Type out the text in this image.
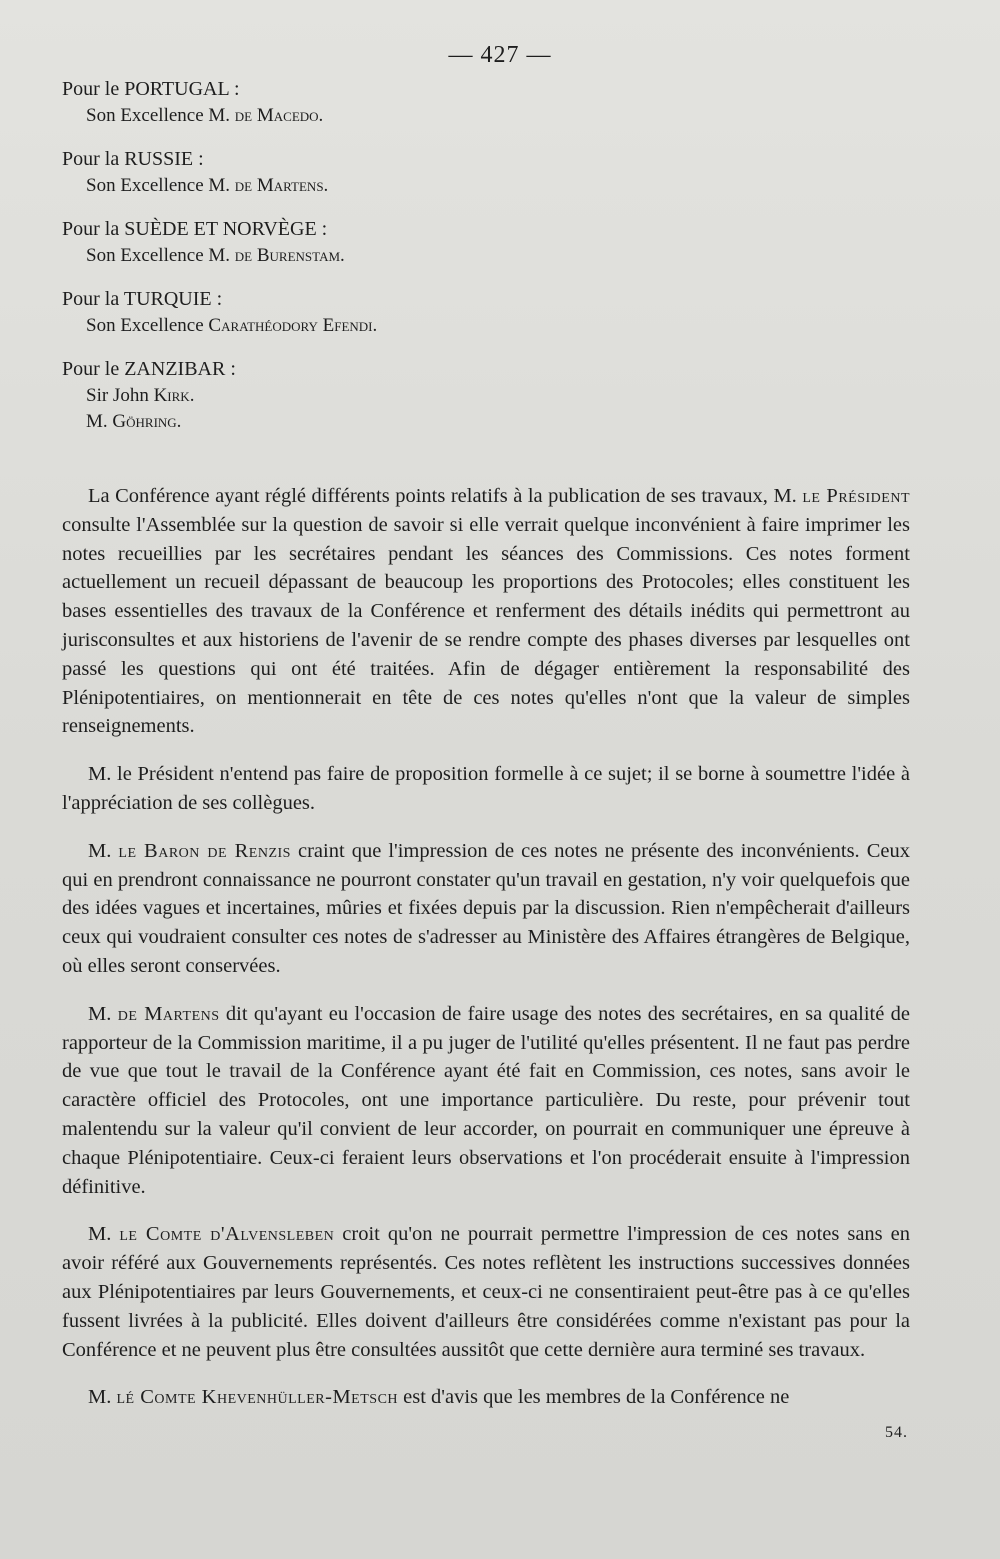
— 427 —
Pour le PORTUGAL :
Son Excellence M. de Macedo.
Pour la RUSSIE :
Son Excellence M. de Martens.
Pour la SUÈDE ET NORVÈGE :
Son Excellence M. de Burenstam.
Pour la TURQUIE :
Son Excellence Carathéodory Efendi.
Pour le ZANZIBAR :
Sir John Kirk.
M. Göhring.

La Conférence ayant réglé différents points relatifs à la publication de ses travaux, M. le Président consulte l'Assemblée sur la question de savoir si elle verrait quelque inconvénient à faire imprimer les notes recueillies par les secrétaires pendant les séances des Commissions. Ces notes forment actuellement un recueil dépassant de beaucoup les proportions des Protocoles; elles constituent les bases essentielles des travaux de la Conférence et renferment des détails inédits qui permettront au jurisconsultes et aux historiens de l'avenir de se rendre compte des phases diverses par lesquelles ont passé les questions qui ont été traitées. Afin de dégager entièrement la responsabilité des Plénipotentiaires, on mentionnerait en tête de ces notes qu'elles n'ont que la valeur de simples renseignements.

M. le Président n'entend pas faire de proposition formelle à ce sujet; il se borne à soumettre l'idée à l'appréciation de ses collègues.

M. le Baron de Renzis craint que l'impression de ces notes ne présente des inconvénients. Ceux qui en prendront connaissance ne pourront constater qu'un travail en gestation, n'y voir quelquefois que des idées vagues et incertaines, mûries et fixées depuis par la discussion. Rien n'empêcherait d'ailleurs ceux qui voudraient consulter ces notes de s'adresser au Ministère des Affaires étrangères de Belgique, où elles seront conservées.

M. de Martens dit qu'ayant eu l'occasion de faire usage des notes des secrétaires, en sa qualité de rapporteur de la Commission maritime, il a pu juger de l'utilité qu'elles présentent. Il ne faut pas perdre de vue que tout le travail de la Conférence ayant été fait en Commission, ces notes, sans avoir le caractère officiel des Protocoles, ont une importance particulière. Du reste, pour prévenir tout malentendu sur la valeur qu'il convient de leur accorder, on pourrait en communiquer une épreuve à chaque Plénipotentiaire. Ceux-ci feraient leurs observations et l'on procéderait ensuite à l'impression définitive.

M. le Comte d'Alvensleben croit qu'on ne pourrait permettre l'impression de ces notes sans en avoir référé aux Gouvernements représentés. Ces notes reflètent les instructions successives données aux Plénipotentiaires par leurs Gouvernements, et ceux-ci ne consentiraient peut-être pas à ce qu'elles fussent livrées à la publicité. Elles doivent d'ailleurs être considérées comme n'existant pas pour la Conférence et ne peuvent plus être consultées aussitôt que cette dernière aura terminé ses travaux.

M. lé Comte Khevenhüller-Metsch est d'avis que les membres de la Conférence ne

54.
